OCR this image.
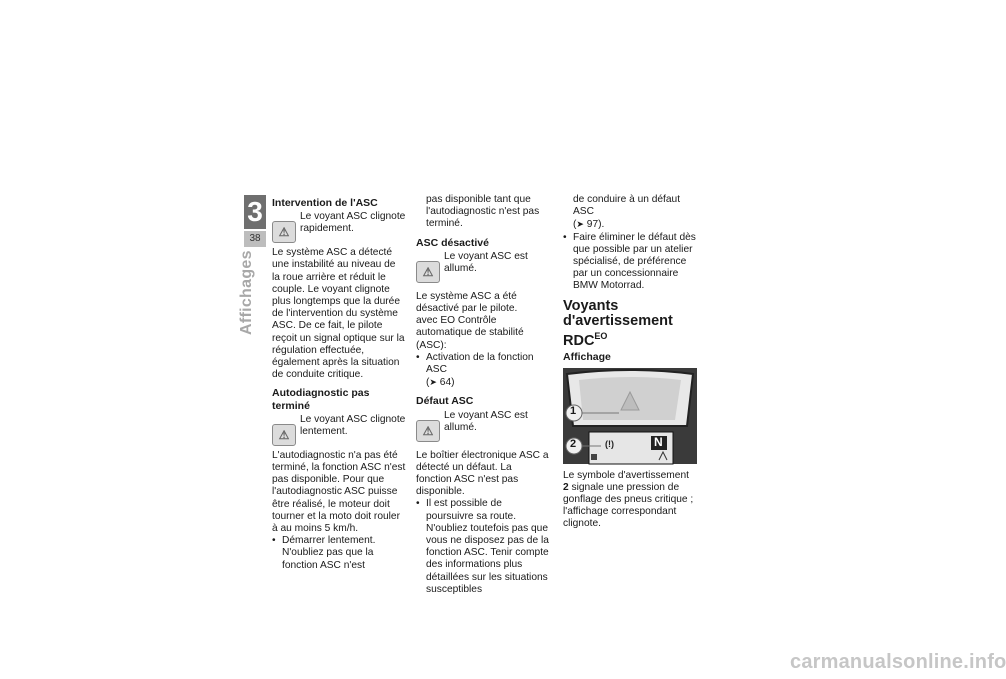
3
38
Affichages
Intervention de l'ASC
⚠
Le voyant ASC clignote rapidement.

Le système ASC a détecté une instabilité au niveau de la roue arrière et réduit le couple. Le voyant clignote plus longtemps que la durée de l'intervention du système ASC. De ce fait, le pilote reçoit un signal optique sur la régulation effectuée, également après la situation de conduite critique.

Autodiagnostic pas terminé
⚠
Le voyant ASC clignote lentement.

L'autodiagnostic n'a pas été terminé, la fonction ASC n'est pas disponible. Pour que l'autodiagnostic ASC puisse être réalisé, le moteur doit tourner et la moto doit rouler à au moins 5 km/h.

• Démarrer lentement. N'oubliez pas que la fonction ASC n'est

pas disponible tant que l'autodiagnostic n'est pas terminé.

ASC désactivé
⚠
Le voyant ASC est allumé.

Le système ASC a été désactivé par le pilote.

avec EO Contrôle automatique de stabilité (ASC):

• Activation de la fonction ASC
(➤ 64)
Défaut ASC
⚠
Le voyant ASC est allumé.

Le boîtier électronique ASC a détecté un défaut. La fonction ASC n'est pas disponible.

• Il est possible de poursuivre sa route. N'oubliez toutefois pas que vous ne disposez pas de la fonction ASC. Tenir compte des informations plus détaillées sur les situations susceptibles

de conduire à un défaut ASC
(➤ 97).

• Faire éliminer le défaut dès que possible par un atelier spécialisé, de préférence par un concessionnaire BMW Motorrad.
Voyants
d'avertissement
$RDC^{EO}$
Affichage
1
2	(!)	N

Le symbole d'avertissement 2 signale une pression de gonflage des pneus critique ; l'affichage correspondant clignote.

carmanualsonline.info
